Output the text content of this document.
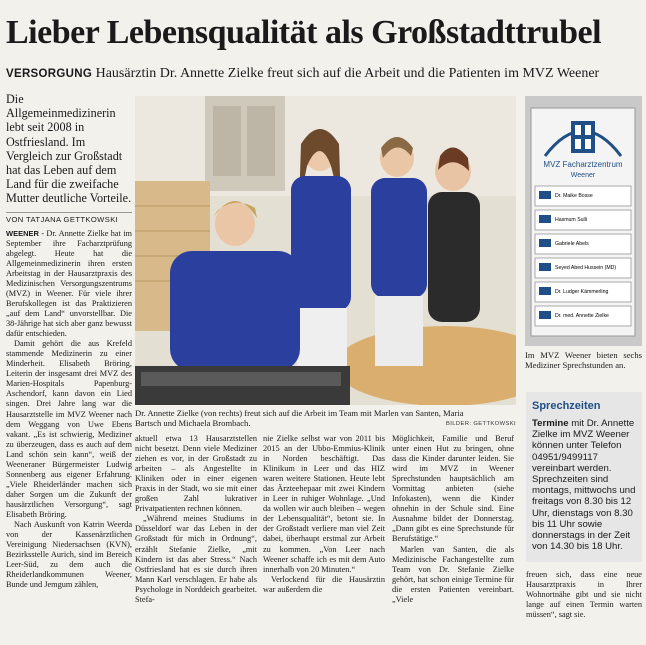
Lieber Lebensqualität als Großstadttrubel
VERSORGUNG Hausärztin Dr. Annette Zielke freut sich auf die Arbeit und die Patienten im MVZ Weener
Die Allgemeinmedizinerin lebt seit 2008 in Ostfriesland. Im Vergleich zur Großstadt hat das Leben auf dem Land für die zweifache Mutter deutliche Vorteile.
VON TATJANA GETTKOWSKI

WEENER - Dr. Annette Zielke hat im September ihre Facharztprüfung abgelegt. Heute hat die Allgemeinmedizinerin ihren ersten Arbeitstag in der Hausarztpraxis des Medizinischen Versorgungszentrums (MVZ) in Weener. Für viele ihrer Berufskollegen ist das Praktizieren „auf dem Land“ unvorstellbar. Die 38-Jährige hat sich aber ganz bewusst dafür entschieden.

Damit gehört die aus Krefeld stammende Medizinerin zu einer Minderheit. Elisabeth Bröring, Leiterin der insgesamt drei MVZ des Marien-Hospitals Papenburg-Aschendorf, kann davon ein Lied singen. Drei Jahre lang war die Hausarztstelle im MVZ Weener nach dem Weggang von Uwe Ebens vakant. „Es ist schwierig, Mediziner zu überzeugen, dass es auch auf dem Land schön sein kann“, weiß der Weeneraner Bürgermeister Ludwig Sonnenberg aus eigener Erfahrung. „Viele Rheiderländer machen sich daher Sorgen um die Zukunft der hausärztlichen Versorgung“, sagt Elisabeth Bröring.

Nach Auskunft von Katrin Weerda von der Kassenärztlichen Vereinigung Niedersachsen (KVN), Bezirksstelle Aurich, sind im Bereich Leer-Süd, zu dem auch die Rheiderlandkommunen Weener, Bunde und Jemgum zählen,

Dr. Annette Zielke (von rechts) freut sich auf die Arbeit im Team mit Marlen van Santen, Maria Bartsch und Michaela Brombach.	BILDER: GETTKOWSKI
MVZ Facharztzentrum
Weener
Dr. Maike Bosse
Hasmum Sulli
Gabriele Abels
Seyed Abed Hussein (MD)
Dr. Ludger Kämmerling
Dr. med. Annette Zielke
Im MVZ Weener bieten sechs Mediziner Sprechstunden an.
Sprechzeiten
Termine mit Dr. Annette Zielke im MVZ Weener können unter Telefon 04951/9499117 vereinbart werden. Sprechzeiten sind montags, mittwochs und freitags von 8.30 bis 12 Uhr, dienstags von 8.30 bis 11 Uhr sowie donnerstags in der Zeit von 14.30 bis 18 Uhr.

aktuell etwa 13 Hausarztstellen nicht besetzt. Denn viele Mediziner ziehen es vor, in der Großstadt zu arbeiten – als Angestellte in Kliniken oder in einer eigenen Praxis in der Stadt, wo sie mit einer großen Zahl lukrativer Privatpatienten rechnen können.

„Während meines Studiums in Düsseldorf war das Leben in der Großstadt für mich in Ordnung“, erzählt Stefanie Zielke, „mit Kindern ist das aber Stress.“ Nach Ostfriesland hat es sie durch ihren Mann Karl verschlagen. Er habe als Psychologe in Norddeich gearbeitet. Stefa-

nie Zielke selbst war von 2011 bis 2015 an der Ubbo-Emmius-Klinik in Norden beschäftigt. Das Klinikum in Leer und das HIZ waren weitere Stationen. Heute lebt das Ärzteehepaar mit zwei Kindern in Leer in ruhiger Wohnlage. „Und da wollen wir auch bleiben – wegen der Lebensqualität“, betont sie. In der Großstadt verliere man viel Zeit dabei, überhaupt erstmal zur Arbeit zu kommen. „Von Leer nach Weener schaffe ich es mit dem Auto innerhalb von 20 Minuten.“

Verlockend für die Hausärztin war außerdem die

Möglichkeit, Familie und Beruf unter einen Hut zu bringen, ohne dass die Kinder darunter leiden. Sie wird im MVZ in Weener Sprechstunden hauptsächlich am Vormittag anbieten (siehe Infokasten), wenn die Kinder ohnehin in der Schule sind. Eine Ausnahme bildet der Donnerstag. „Dann gibt es eine Sprechstunde für Berufstätige.“

Marlen van Santen, die als Medizinische Fachangestellte zum Team von Dr. Stefanie Zielke gehört, hat schon einige Termine für die ersten Patienten vereinbart. „Viele

freuen sich, dass eine neue Hausarztpraxis in Ihrer Wohnortnähe gibt und sie nicht lange auf einen Termin warten müssen“, sagt sie.
